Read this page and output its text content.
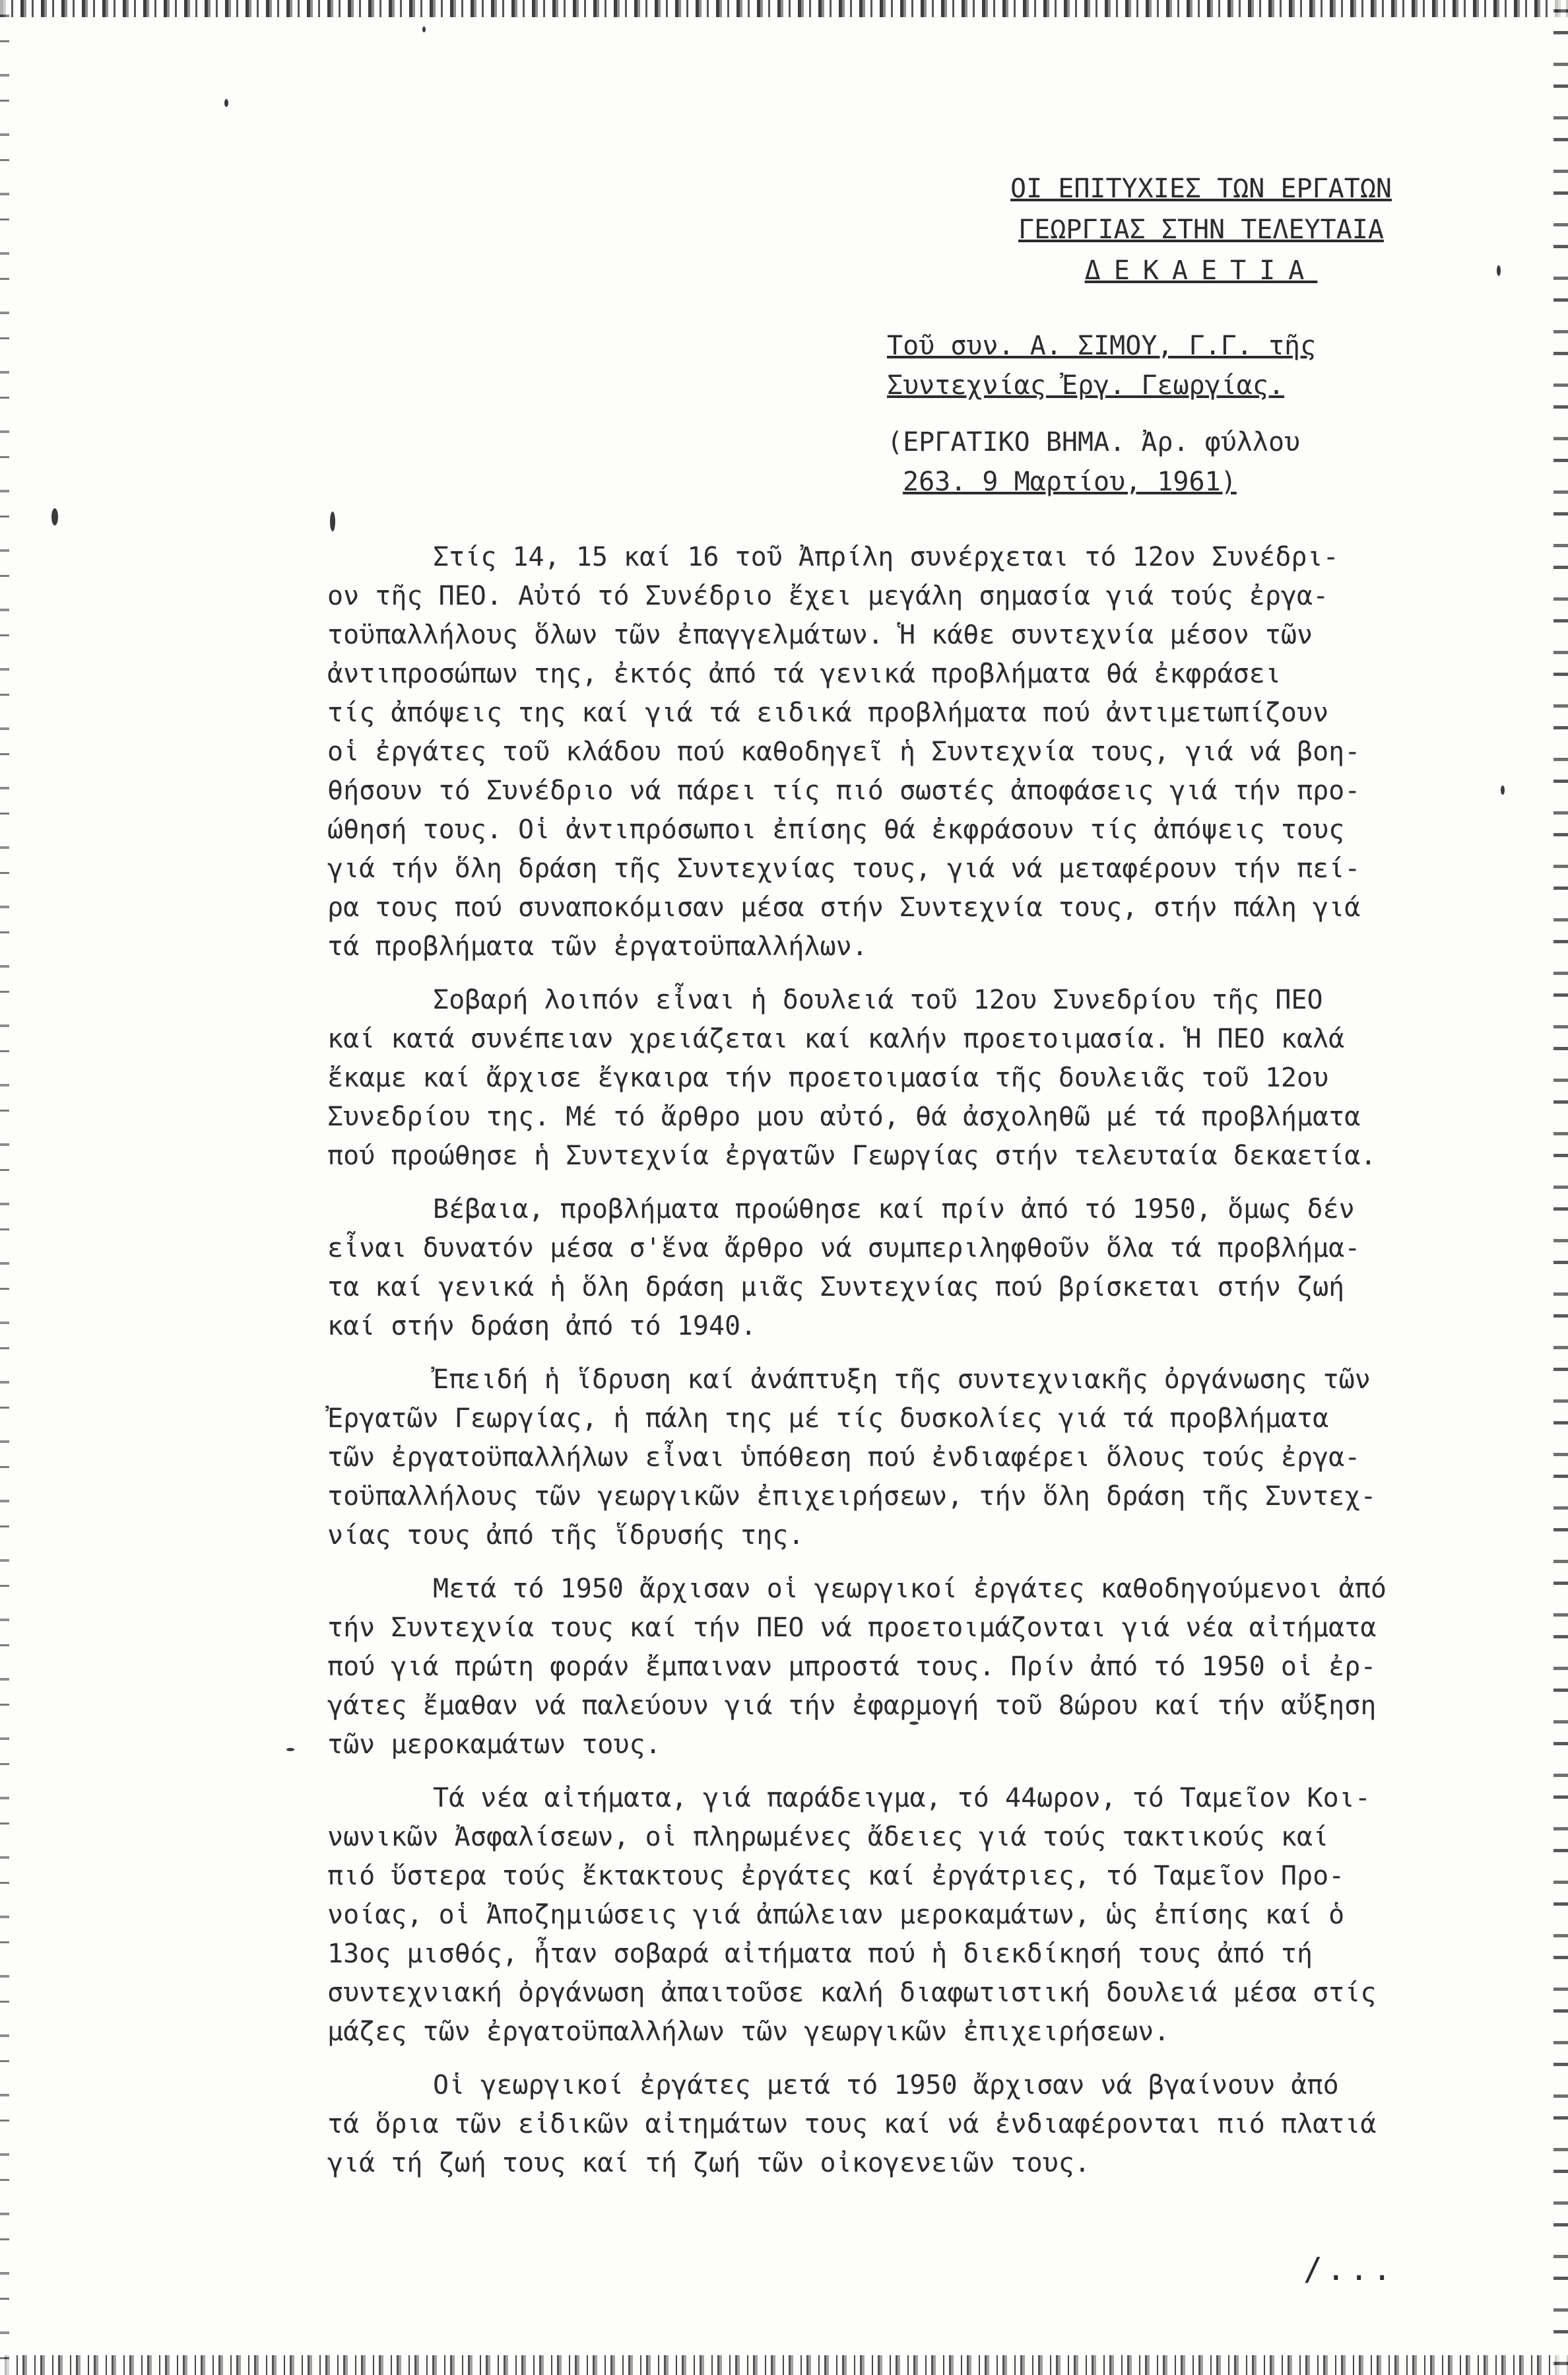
ΟΙ ΕΠΙΤΥΧΙΕΣ ΤΩΝ ΕΡΓΑΤΩΝ
ΓΕΩΡΓΙΑΣ ΣΤΗΝ ΤΕΛΕΥΤΑΙΑ
ΔΕΚΑΕΤΙΑ
Τοῦ συν. Α. ΣΙΜΟΥ, Γ.Γ. τῆς
Συντεχνίας Ἐργ. Γεωργίας.
(ΕΡΓΑΤΙΚΟ ΒΗΜΑ. Ἀρ. φύλλου
263. 9 Μαρτίου, 1961)
Στίς 14, 15 καί 16 τοῦ Ἀπρίλη συνέρχεται τό 12ον Συνέδρι-
ον τῆς ΠΕΟ. Αὐτό τό Συνέδριο ἔχει μεγάλη σημασία γιά τούς ἐργα-
τοϋπαλλήλους ὅλων τῶν ἐπαγγελμάτων. Ἡ κάθε συντεχνία μέσον τῶν
ἀντιπροσώπων της, ἐκτός ἀπό τά γενικά προβλήματα θά ἐκφράσει
τίς ἀπόψεις της καί γιά τά ειδικά προβλήματα πού ἀντιμετωπίζουν
οἱ ἐργάτες τοῦ κλάδου πού καθοδηγεῖ ἡ Συντεχνία τους, γιά νά βοη-
θήσουν τό Συνέδριο νά πάρει τίς πιό σωστές ἀποφάσεις γιά τήν προ-
ώθησή τους. Οἱ ἀντιπρόσωποι ἐπίσης θά ἐκφράσουν τίς ἀπόψεις τους
γιά τήν ὅλη δράση τῆς Συντεχνίας τους, γιά νά μεταφέρουν τήν πεί-
ρα τους πού συναποκόμισαν μέσα στήν Συντεχνία τους, στήν πάλη γιά
τά προβλήματα τῶν ἐργατοϋπαλλήλων.
Σοβαρή λοιπόν εἶναι ἡ δουλειά τοῦ 12ου Συνεδρίου τῆς ΠΕΟ
καί κατά συνέπειαν χρειάζεται καί καλήν προετοιμασία. Ἡ ΠΕΟ καλά
ἔκαμε καί ἄρχισε ἔγκαιρα τήν προετοιμασία τῆς δουλειᾶς τοῦ 12ου
Συνεδρίου της. Μέ τό ἄρθρο μου αὐτό, θά ἀσχοληθῶ μέ τά προβλήματα
πού προώθησε ἡ Συντεχνία ἐργατῶν Γεωργίας στήν τελευταία δεκαετία.
Βέβαια, προβλήματα προώθησε καί πρίν ἀπό τό 1950, ὅμως δέν
εἶναι δυνατόν μέσα σ'ἕνα ἄρθρο νά συμπεριληφθοῦν ὅλα τά προβλήμα-
τα καί γενικά ἡ ὅλη δράση μιᾶς Συντεχνίας πού βρίσκεται στήν ζωή
καί στήν δράση ἀπό τό 1940.
Ἐπειδή ἡ ἵδρυση καί ἀνάπτυξη τῆς συντεχνιακῆς ὀργάνωσης τῶν
Ἐργατῶν Γεωργίας, ἡ πάλη της μέ τίς δυσκολίες γιά τά προβλήματα
τῶν ἐργατοϋπαλλήλων εἶναι ὑπόθεση πού ἐνδιαφέρει ὅλους τούς ἐργα-
τοϋπαλλήλους τῶν γεωργικῶν ἐπιχειρήσεων, τήν ὅλη δράση τῆς Συντεχ-
νίας τους ἀπό τῆς ἵδρυσής της.
Μετά τό 1950 ἄρχισαν οἱ γεωργικοί ἐργάτες καθοδηγούμενοι ἀπό
τήν Συντεχνία τους καί τήν ΠΕΟ νά προετοιμάζονται γιά νέα αἰτήματα
πού γιά πρώτη φοράν ἔμπαιναν μπροστά τους. Πρίν ἀπό τό 1950 οἱ ἐρ-
γάτες ἔμαθαν νά παλεύουν γιά τήν ἐφαρμογή τοῦ 8ώρου καί τήν αὔξηση
τῶν μεροκαμάτων τους.
Τά νέα αἰτήματα, γιά παράδειγμα, τό 44ωρον, τό Ταμεῖον Κοι-
νωνικῶν Ἀσφαλίσεων, οἱ πληρωμένες ἄδειες γιά τούς τακτικούς καί
πιό ὕστερα τούς ἔκτακτους ἐργάτες καί ἐργάτριες, τό Ταμεῖον Προ-
νοίας, οἱ Ἀποζημιώσεις γιά ἀπώλειαν μεροκαμάτων, ὡς ἐπίσης καί ὁ
13ος μισθός, ἦταν σοβαρά αἰτήματα πού ἡ διεκδίκησή τους ἀπό τή
συντεχνιακή ὀργάνωση ἀπαιτοῦσε καλή διαφωτιστική δουλειά μέσα στίς
μάζες τῶν ἐργατοϋπαλλήλων τῶν γεωργικῶν ἐπιχειρήσεων.
Οἱ γεωργικοί ἐργάτες μετά τό 1950 ἄρχισαν νά βγαίνουν ἀπό
τά ὅρια τῶν εἰδικῶν αἰτημάτων τους καί νά ἐνδιαφέρονται πιό πλατιά
γιά τή ζωή τους καί τή ζωή τῶν οἰκογενειῶν τους.
/...
